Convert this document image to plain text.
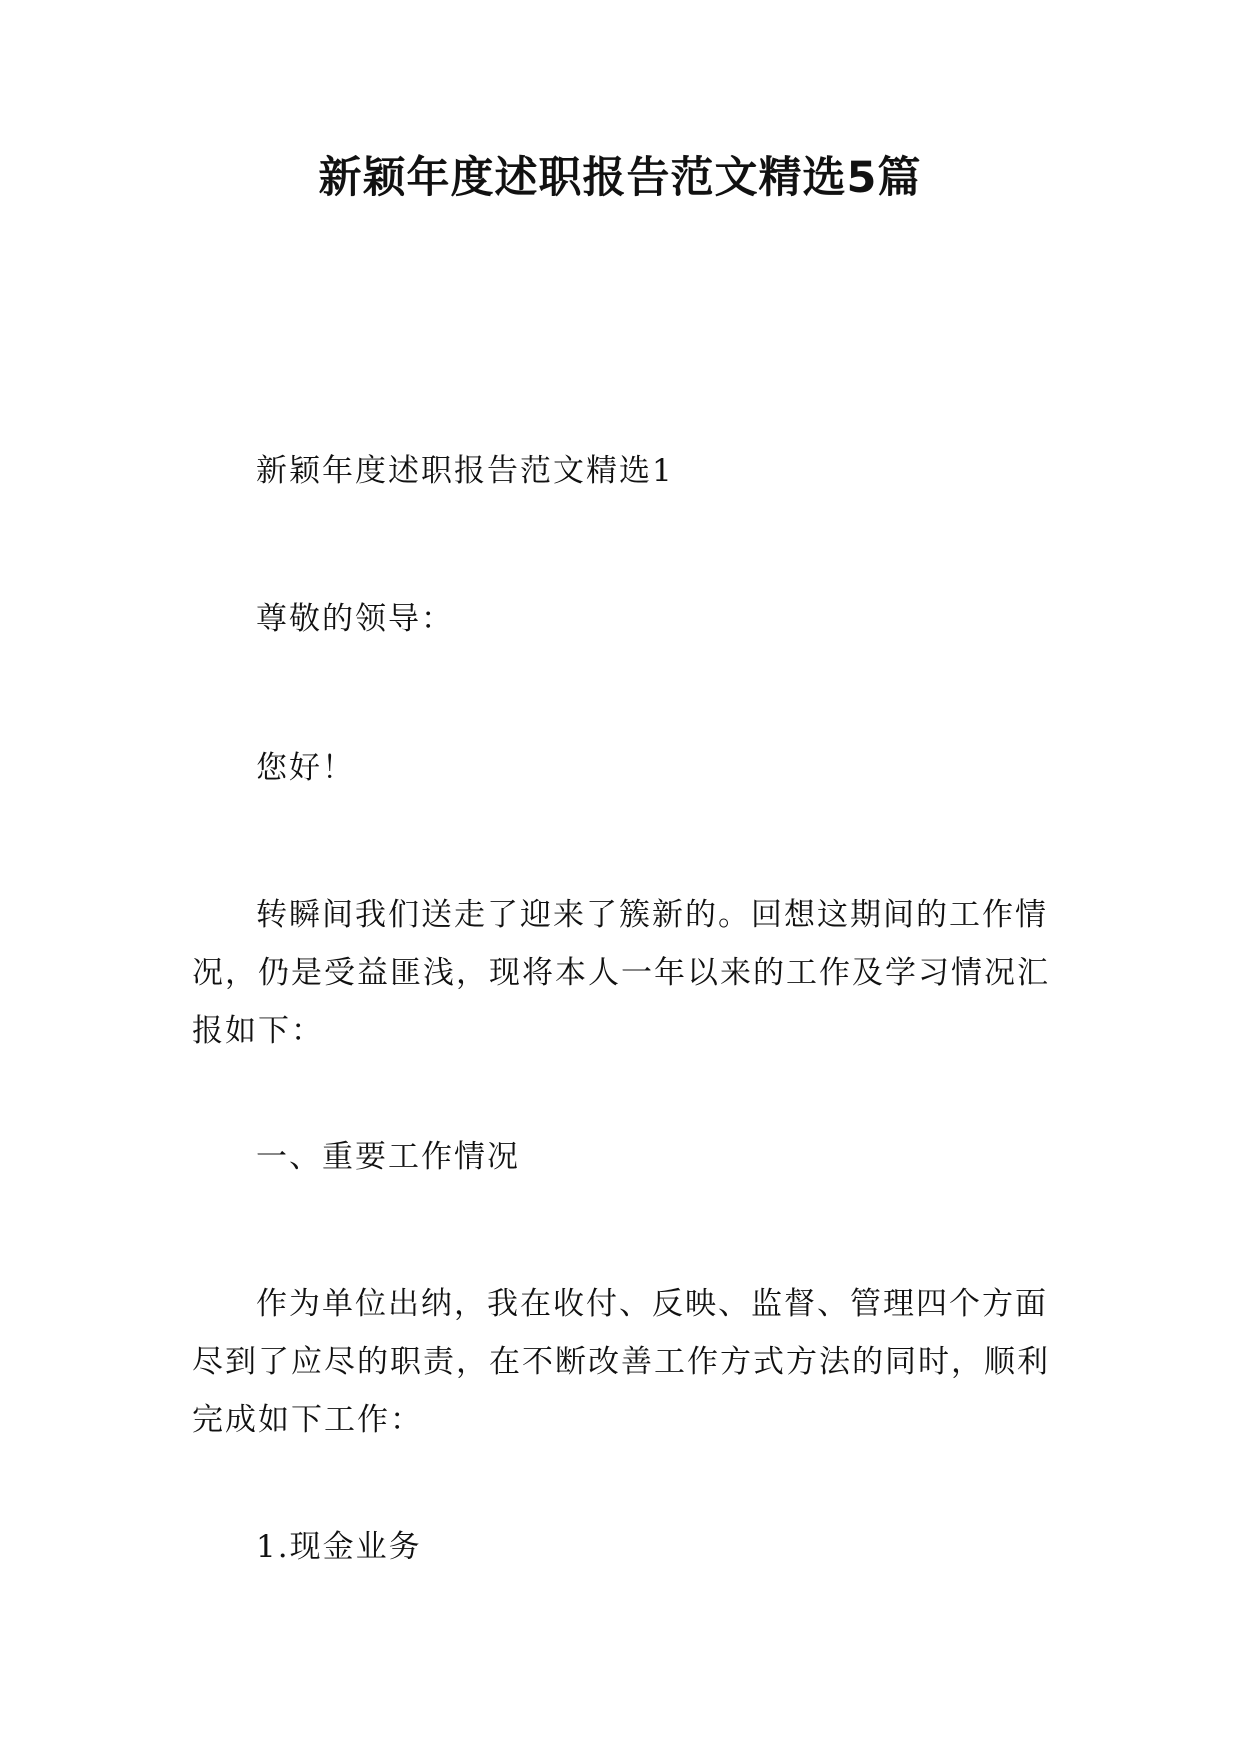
新颖年度述职报告范文精选5篇
新颖年度述职报告范文精选1
尊敬的领导：
您好！
转瞬间我们送走了迎来了簇新的。回想这期间的工作情
况，仍是受益匪浅，现将本人一年以来的工作及学习情况汇
报如下：
一、重要工作情况
作为单位出纳，我在收付、反映、监督、管理四个方面
尽到了应尽的职责，在不断改善工作方式方法的同时，顺利
完成如下工作：
1.现金业务
